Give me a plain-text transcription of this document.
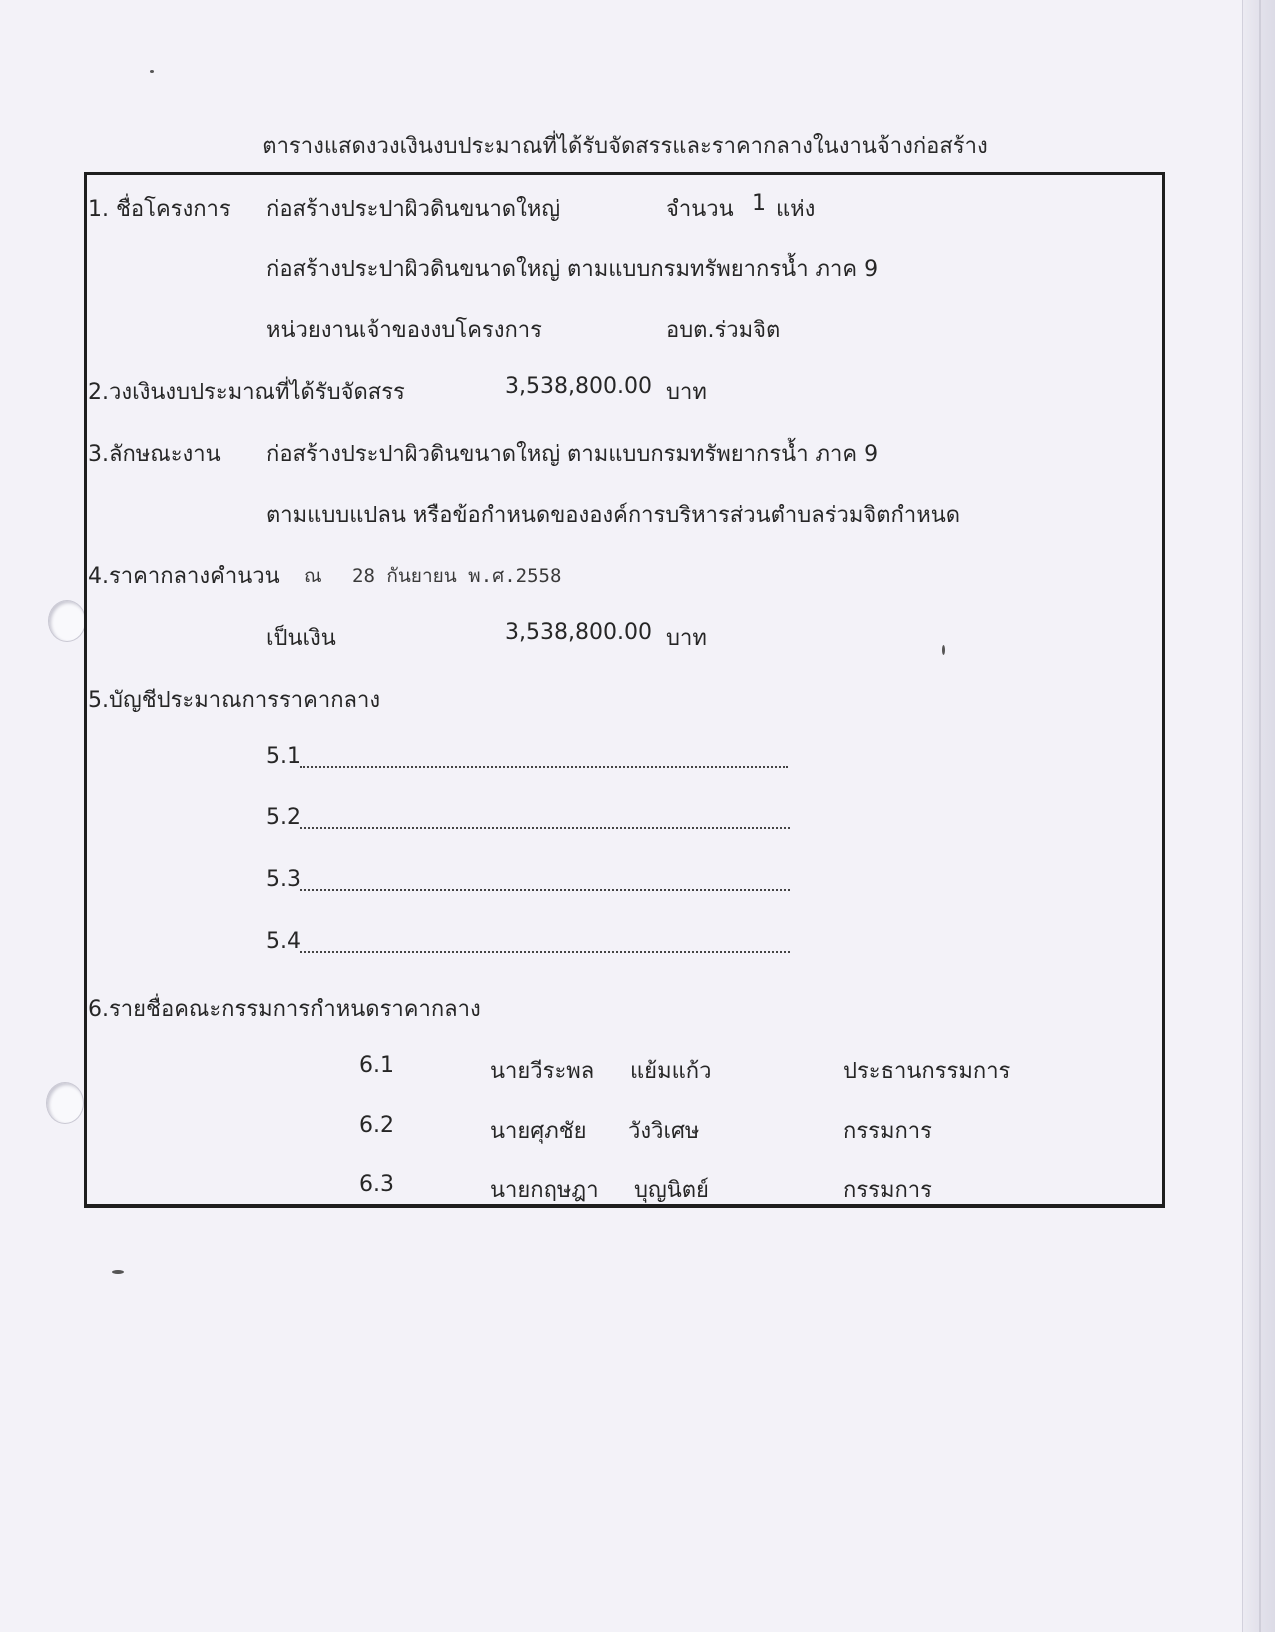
ตารางแสดงวงเงินงบประมาณที่ได้รับจัดสรรและราคากลางในงานจ้างก่อสร้าง
1. ชื่อโครงการ ก่อสร้างประปาผิวดินขนาดใหญ่	จำนวน 1 แห่ง
ก่อสร้างประปาผิวดินขนาดใหญ่ ตามแบบกรมทรัพยากรน้ำ ภาค 9
หน่วยงานเจ้าของงบโครงการ	อบต.ร่วมจิต
2.วงเงินงบประมาณที่ได้รับจัดสรร	3,538,800.00 บาท
3.ลักษณะงาน ก่อสร้างประปาผิวดินขนาดใหญ่ ตามแบบกรมทรัพยากรน้ำ ภาค 9
ตามแบบแปลน หรือข้อกำหนดขององค์การบริหารส่วนตำบลร่วมจิตกำหนด
4.ราคากลางคำนวน ณ 28 กันยายน พ.ศ.2558
เป็นเงิน	3,538,800.00 บาท
5.บัญชีประมาณการราคากลาง
5.1
5.2
5.3
5.4
6.รายชื่อคณะกรรมการกำหนดราคากลาง
6.1	นายวีระพล แย้มแก้ว	ประธานกรรมการ
6.2	นายศุภชัย วังวิเศษ	กรรมการ
6.3	นายกฤษฎา บุญนิตย์	กรรมการ
